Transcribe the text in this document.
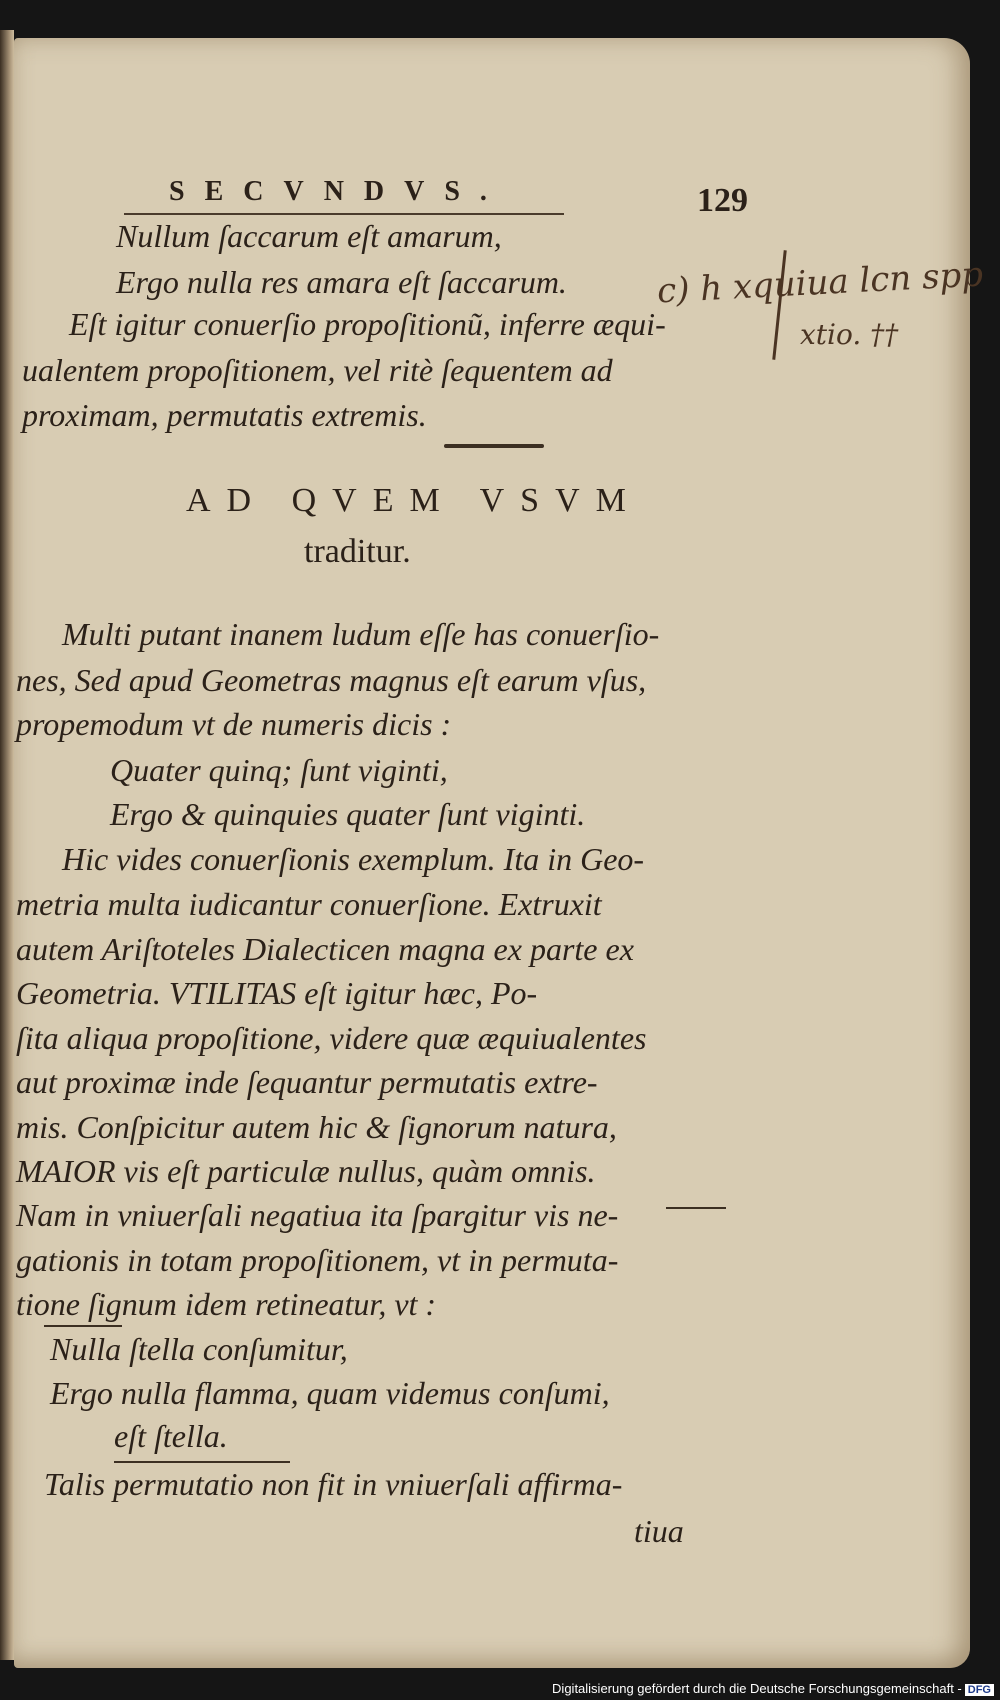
SECVNDVS.	129
Nullum ſaccarum eſt amarum,
Ergo nulla res amara eſt ſaccarum.
Eſt igitur conuerſio propoſitionũ, inferre æqui-
ualentem propoſitionem, vel ritè ſequentem ad
proximam, permutatis extremis.
c) h xquiua lcn spp
xtio. ††
AD QVEM VSVM
traditur.
Multi putant inanem ludum eſſe has conuerſio-
nes, Sed apud Geometras magnus eſt earum vſus,
propemodum vt de numeris dicis :
Quater quinq; ſunt viginti,
Ergo & quinquies quater ſunt viginti.
Hic vides conuerſionis exemplum. Ita in Geo-
metria multa iudicantur conuerſione. Extruxit
autem Ariſtoteles Dialecticen magna ex parte ex
Geometria. VTILITAS eſt igitur hæc, Po-
ſita aliqua propoſitione, videre quæ æquiualentes
aut proximæ inde ſequantur permutatis extre-
mis. Conſpicitur autem hic & ſignorum natura,
MAIOR vis eſt particulæ nullus, quàm omnis.
Nam in vniuerſali negatiua ita ſpargitur vis ne-
gationis in totam propoſitionem, vt in permuta-
tione ſignum idem retineatur, vt :
Nulla ſtella conſumitur,
Ergo nulla flamma, quam videmus conſumi,
eſt ſtella.
Talis permutatio non fit in vniuerſali affirma-
tiua
Digitalisierung gefördert durch die Deutsche Forschungsgemeinschaft - DFG
